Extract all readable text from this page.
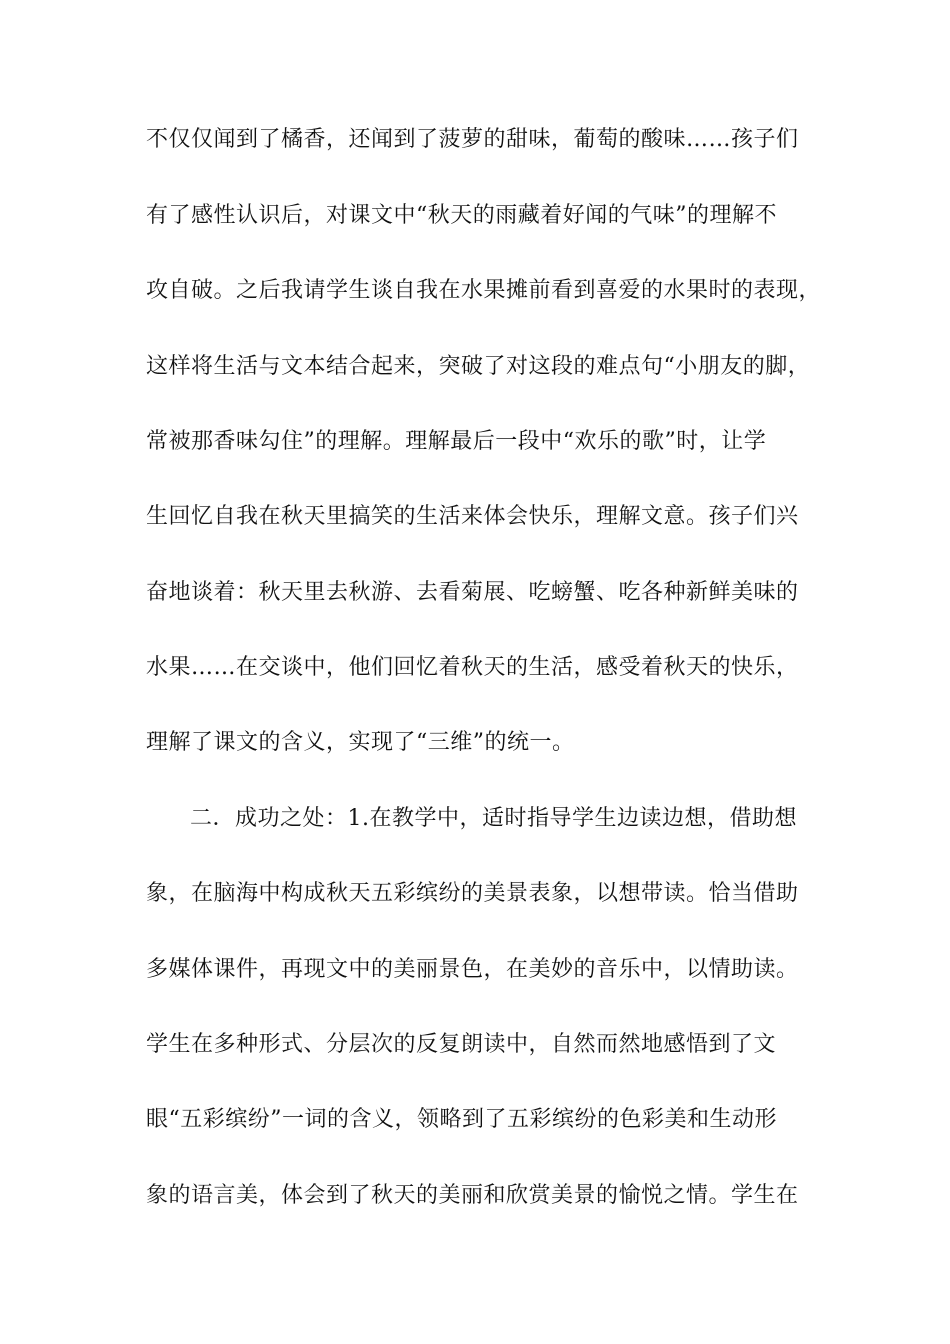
不仅仅闻到了橘香，还闻到了菠萝的甜味，葡萄的酸味……孩子们
有了感性认识后，对课文中“秋天的雨藏着好闻的气味”的理解不
攻自破。之后我请学生谈自我在水果摊前看到喜爱的水果时的表现，
这样将生活与文本结合起来，突破了对这段的难点句“小朋友的脚，
常被那香味勾住”的理解。理解最后一段中“欢乐的歌”时，让学
生回忆自我在秋天里搞笑的生活来体会快乐，理解文意。孩子们兴
奋地谈着：秋天里去秋游、去看菊展、吃螃蟹、吃各种新鲜美味的
水果……在交谈中，他们回忆着秋天的生活，感受着秋天的快乐，
理解了课文的含义，实现了“三维”的统一。
二．成功之处：1.在教学中，适时指导学生边读边想，借助想
象，在脑海中构成秋天五彩缤纷的美景表象，以想带读。恰当借助
多媒体课件，再现文中的美丽景色，在美妙的音乐中，以情助读。
学生在多种形式、分层次的反复朗读中，自然而然地感悟到了文
眼“五彩缤纷”一词的含义，领略到了五彩缤纷的色彩美和生动形
象的语言美，体会到了秋天的美丽和欣赏美景的愉悦之情。学生在
